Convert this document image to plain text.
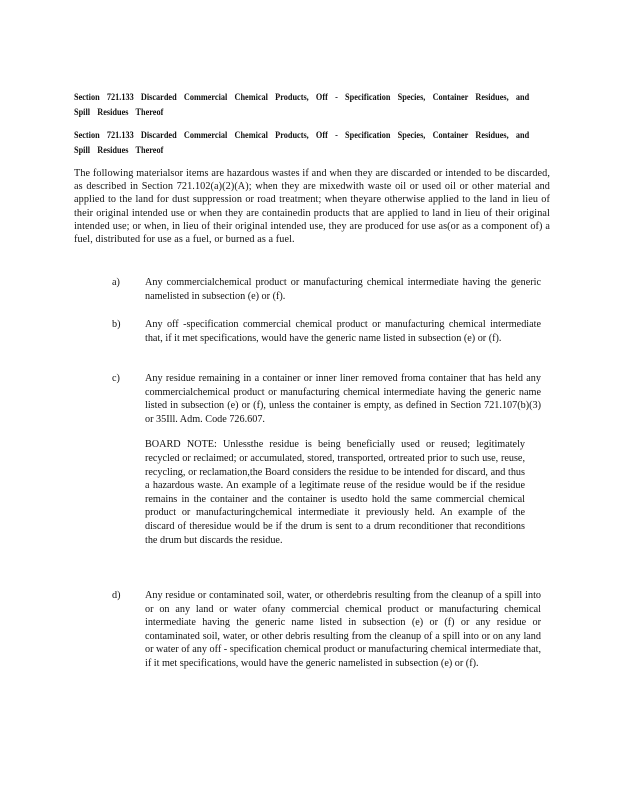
Section 721.133 Discarded Commercial Chemical Products, Off - Specification Species, Container Residues, and Spill Residues Thereof
Section 721.133 Discarded Commercial Chemical Products, Off - Specification Species, Container Residues, and Spill Residues Thereof
The following materialsor items are hazardous wastes if and when they are discarded or intended to be discarded, as described in Section 721.102(a)(2)(A); when they are mixedwith waste oil or used oil or other material and applied to the land for dust suppression or road treatment; when theyare otherwise applied to the land in lieu of their original intended use or when they are containedin products that are applied to land in lieu of their original intended use; or when, in lieu of their original intended use, they are produced for use as(or as a component of) a fuel, distributed for use as a fuel, or burned as a fuel.
a)	Any commercialchemical product or manufacturing chemical intermediate having the generic namelisted in subsection (e) or (f).
b)	Any off -specification commercial chemical product or manufacturing chemical intermediate that, if it met specifications, would have the generic name listed in subsection (e) or (f).
c)	Any residue remaining in a container or inner liner removed froma container that has held any commercialchemical product or manufacturing chemical intermediate having the generic name listed in subsection (e) or (f), unless the container is empty, as defined in Section 721.107(b)(3) or 35Ill. Adm. Code 726.607.
BOARD NOTE: Unlessthe residue is being beneficially used or reused; legitimately recycled or reclaimed; or accumulated, stored, transported, ortreated prior to such use, reuse, recycling, or reclamation,the Board considers the residue to be intended for discard, and thus a hazardous waste. An example of a legitimate reuse of the residue would be if the residue remains in the container and the container is usedto hold the same commercial chemical product or manufacturingchemical intermediate it previously held. An example of the discard of theresidue would be if the drum is sent to a drum reconditioner that reconditions the drum but discards the residue.
d)	Any residue or contaminated soil, water, or otherdebris resulting from the cleanup of a spill into or on any land or water ofany commercial chemical product or manufacturing chemical intermediate having the generic name listed in subsection (e) or (f) or any residue or contaminated soil, water, or other debris resulting from the cleanup of a spill into or on any land or water of any off - specification chemical product or manufacturing chemical intermediate that, if it met specifications, would have the generic namelisted in subsection (e) or (f).
